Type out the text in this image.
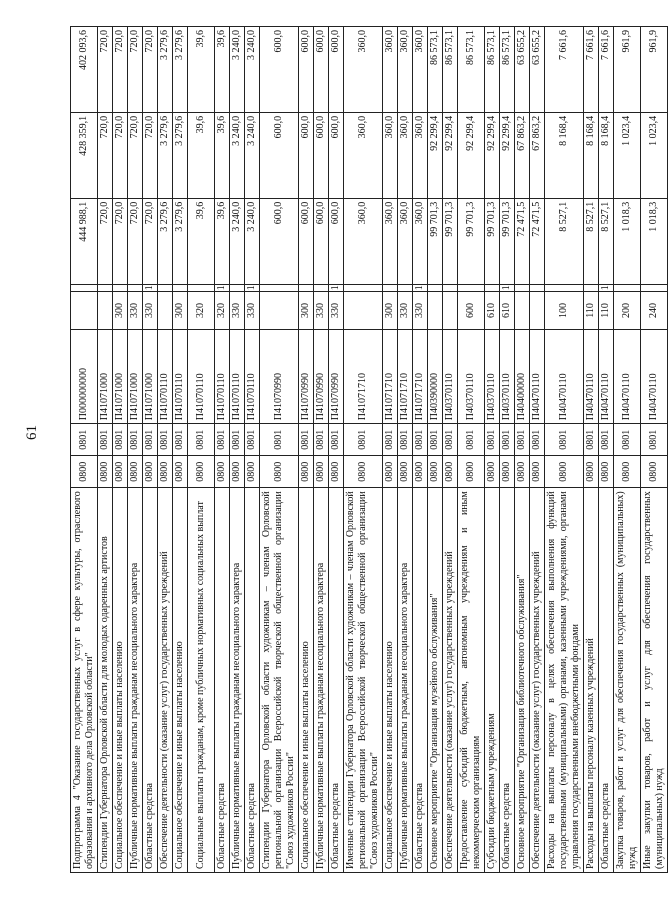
61
Подпрограмма 4 "Оказание государственных услуг в сфере культуры, отраслевого образования и архивного дела Орловской области"	0800	0801	П000000000			444 988,1	428 359,1	402 093,6
Стипендии Губернатора Орловской области для молодых одаренных артистов	0800	0801	П41071000			720,0	720,0	720,0
Социальное обеспечение и иные выплаты населению	0800	0801	П41071000	300		720,0	720,0	720,0
Публичные нормативные выплаты гражданам несоциального характера	0800	0801	П41071000	330		720,0	720,0	720,0
Областные средства	0800	0801	П41071000	330	1	720,0	720,0	720,0
Обеспечение деятельности (оказание услуг) государственных учреждений	0800	0801	П41070110			3 279,6	3 279,6	3 279,6
Социальное обеспечение и иные выплаты населению	0800	0801	П41070110	300		3 279,6	3 279,6	3 279,6
Социальные выплаты гражданам, кроме публичных нормативных социальных выплат	0800	0801	П41070110	320		39,6	39,6	39,6
Областные средства	0800	0801	П41070110	320	1	39,6	39,6	39,6
Публичные нормативные выплаты гражданам несоциального характера	0800	0801	П41070110	330		3 240,0	3 240,0	3 240,0
Областные средства	0800	0801	П41070110	330	1	3 240,0	3 240,0	3 240,0
Стипендии Губернатора Орловской области художникам – членам Орловской региональной организации Всероссийской творческой общественной организации "Союз художников России"	0800	0801	П41070990			600,0	600,0	600,0
Социальное обеспечение и иные выплаты населению	0800	0801	П41070990	300		600,0	600,0	600,0
Публичные нормативные выплаты гражданам несоциального характера	0800	0801	П41070990	330		600,0	600,0	600,0
Областные средства	0800	0801	П41070990	330	1	600,0	600,0	600,0
Именные стипендии Губернатора Орловской области художникам – членам Орловской региональной организации Всероссийской творческой общественной организации "Союз художников России"	0800	0801	П41071710			360,0	360,0	360,0
Социальное обеспечение и иные выплаты населению	0800	0801	П41071710	300		360,0	360,0	360,0
Публичные нормативные выплаты гражданам несоциального характера	0800	0801	П41071710	330		360,0	360,0	360,0
Областные средства	0800	0801	П41071710	330	1	360,0	360,0	360,0
Основное мероприятие "Организация музейного обслуживания"	0800	0801	П40390000			99 701,3	92 299,4	86 573,1
Обеспечение деятельности (оказание услуг) государственных учреждений	0800	0801	П40370110			99 701,3	92 299,4	86 573,1
Предоставление субсидий бюджетным, автономным учреждениям и иным некоммерческим организациям	0800	0801	П40370110	600		99 701,3	92 299,4	86 573,1
Субсидии бюджетным учреждениям	0800	0801	П40370110	610		99 701,3	92 299,4	86 573,1
Областные средства	0800	0801	П40370110	610	1	99 701,3	92 299,4	86 573,1
Основное мероприятие "Организация библиотечного обслуживания"	0800	0801	П40400000			72 471,5	67 863,2	63 655,2
Обеспечение деятельности (оказание услуг) государственных учреждений	0800	0801	П40470110			72 471,5	67 863,2	63 655,2
Расходы на выплаты персоналу в целях обеспечения выполнения функций государственными (муниципальными) органами, казенными учреждениями, органами управления государственными внебюджетными фондами	0800	0801	П40470110	100		8 527,1	8 168,4	7 661,6
Расходы на выплаты персоналу казенных учреждений	0800	0801	П40470110	110		8 527,1	8 168,4	7 661,6
Областные средства	0800	0801	П40470110	110	1	8 527,1	8 168,4	7 661,6
Закупка товаров, работ и услуг для обеспечения государственных (муниципальных) нужд	0800	0801	П40470110	200		1 018,3	1 023,4	961,9
Иные закупки товаров, работ и услуг для обеспечения государственных (муниципальных) нужд	0800	0801	П40470110	240		1 018,3	1 023,4	961,9
